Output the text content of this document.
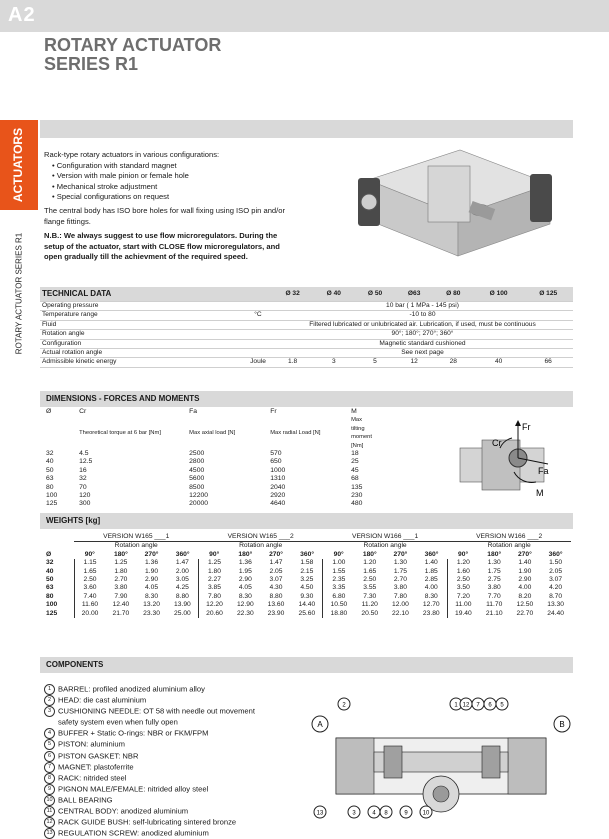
A2
ROTARY ACTUATOR
SERIES R1
ACTUATORS
ROTARY ACTUATOR SERIES R1

Rack-type rotary actuators in various configurations:

• Configuration with standard magnet
• Version with male pinion or female hole
• Mechanical stroke adjustment
• Special configurations on request

The central body has ISO bore holes for wall fixing using ISO pin and/or flange fittings.

N.B.: We always suggest to use flow microregulators. During the setup of the actuator, start with CLOSE flow microregulators, and open gradually till the achievment of the required speed.

TECHNICAL DATA		Ø 32	Ø 40	Ø 50	Ø63	Ø 80	Ø 100	Ø 125
Operating pressure		10 bar ( 1 MPa - 145 psi)						
Temperature range	°C	-10 to 80						
Fluid		Filtered lubricated or unlubricated air. Lubrication, if used, must be continuous						
Rotation angle		90°; 180°; 270°; 360°						
Configuration		Magnetic standard cushioned						
Actual rotation angle		See next page						
Admissible kinetic energy	Joule	1.8	3	5	12	28	40	66
DIMENSIONS - FORCES AND MOMENTS
Ø	Cr	Fa	Fr	M
	Theoretical torque at 6 bar [Nm]	Max axial load [N]	Max radial Load [N]	Max tilting moment [Nm]
32	4.5	2500	570	18
40	12.5	2800	650	25
50	16	4500	1000	45
63	32	5600	1310	68
80	70	8500	2040	135
100	120	12200	2920	230
125	300	20000	4640	480
Fr
Cr
Fa
M
WEIGHTS [kg]
	VERSION W165 ___1				VERSION W165 ___2				VERSION W166 ___1				VERSION W166 ___2			
	Rotation angle				Rotation angle				Rotation angle				Rotation angle			
Ø	90°	180°	270°	360°	90°	180°	270°	360°	90°	180°	270°	360°	90°	180°	270°	360°
32	1.15	1.25	1.36	1.47	1.25	1.36	1.47	1.58	1.00	1.20	1.30	1.40	1.20	1.30	1.40	1.50
40	1.65	1.80	1.90	2.00	1.80	1.95	2.05	2.15	1.55	1.65	1.75	1.85	1.60	1.75	1.90	2.05
50	2.50	2.70	2.90	3.05	2.27	2.90	3.07	3.25	2.35	2.50	2.70	2.85	2.50	2.75	2.90	3.07
63	3.60	3.80	4.05	4.25	3.85	4.05	4.30	4.50	3.35	3.55	3.80	4.00	3.50	3.80	4.00	4.20
80	7.40	7.90	8.30	8.80	7.80	8.30	8.80	9.30	6.80	7.30	7.80	8.30	7.20	7.70	8.20	8.70
100	11.60	12.40	13.20	13.90	12.20	12.90	13.60	14.40	10.50	11.20	12.00	12.70	11.00	11.70	12.50	13.30
125	20.00	21.70	23.30	25.00	20.60	22.30	23.90	25.60	18.80	20.50	22.10	23.80	19.40	21.10	22.70	24.40
COMPONENTS
1 BARREL: profiled anodized aluminium alloy
2 HEAD: die cast aluminium
3 CUSHIONING NEEDLE: OT 58 with needle out movement
safety system even when fully open
4 BUFFER + Static O-rings: NBR or FKM/FPM
5 PISTON: aluminium
6 PISTON GASKET: NBR
7 MAGNET: plastoferrite
8 RACK: nitrided steel
9 PIGNON MALE/FEMALE: nitrided alloy steel
10 BALL BEARING
11 CENTRAL BODY: anodized aluminium
12 RACK GUIDE BUSH: self-lubricating sintered bronze
13 REGULATION SCREW: anodized aluminium
A	B
2	1 12 7 6 5
13	3	4 8	9 10
